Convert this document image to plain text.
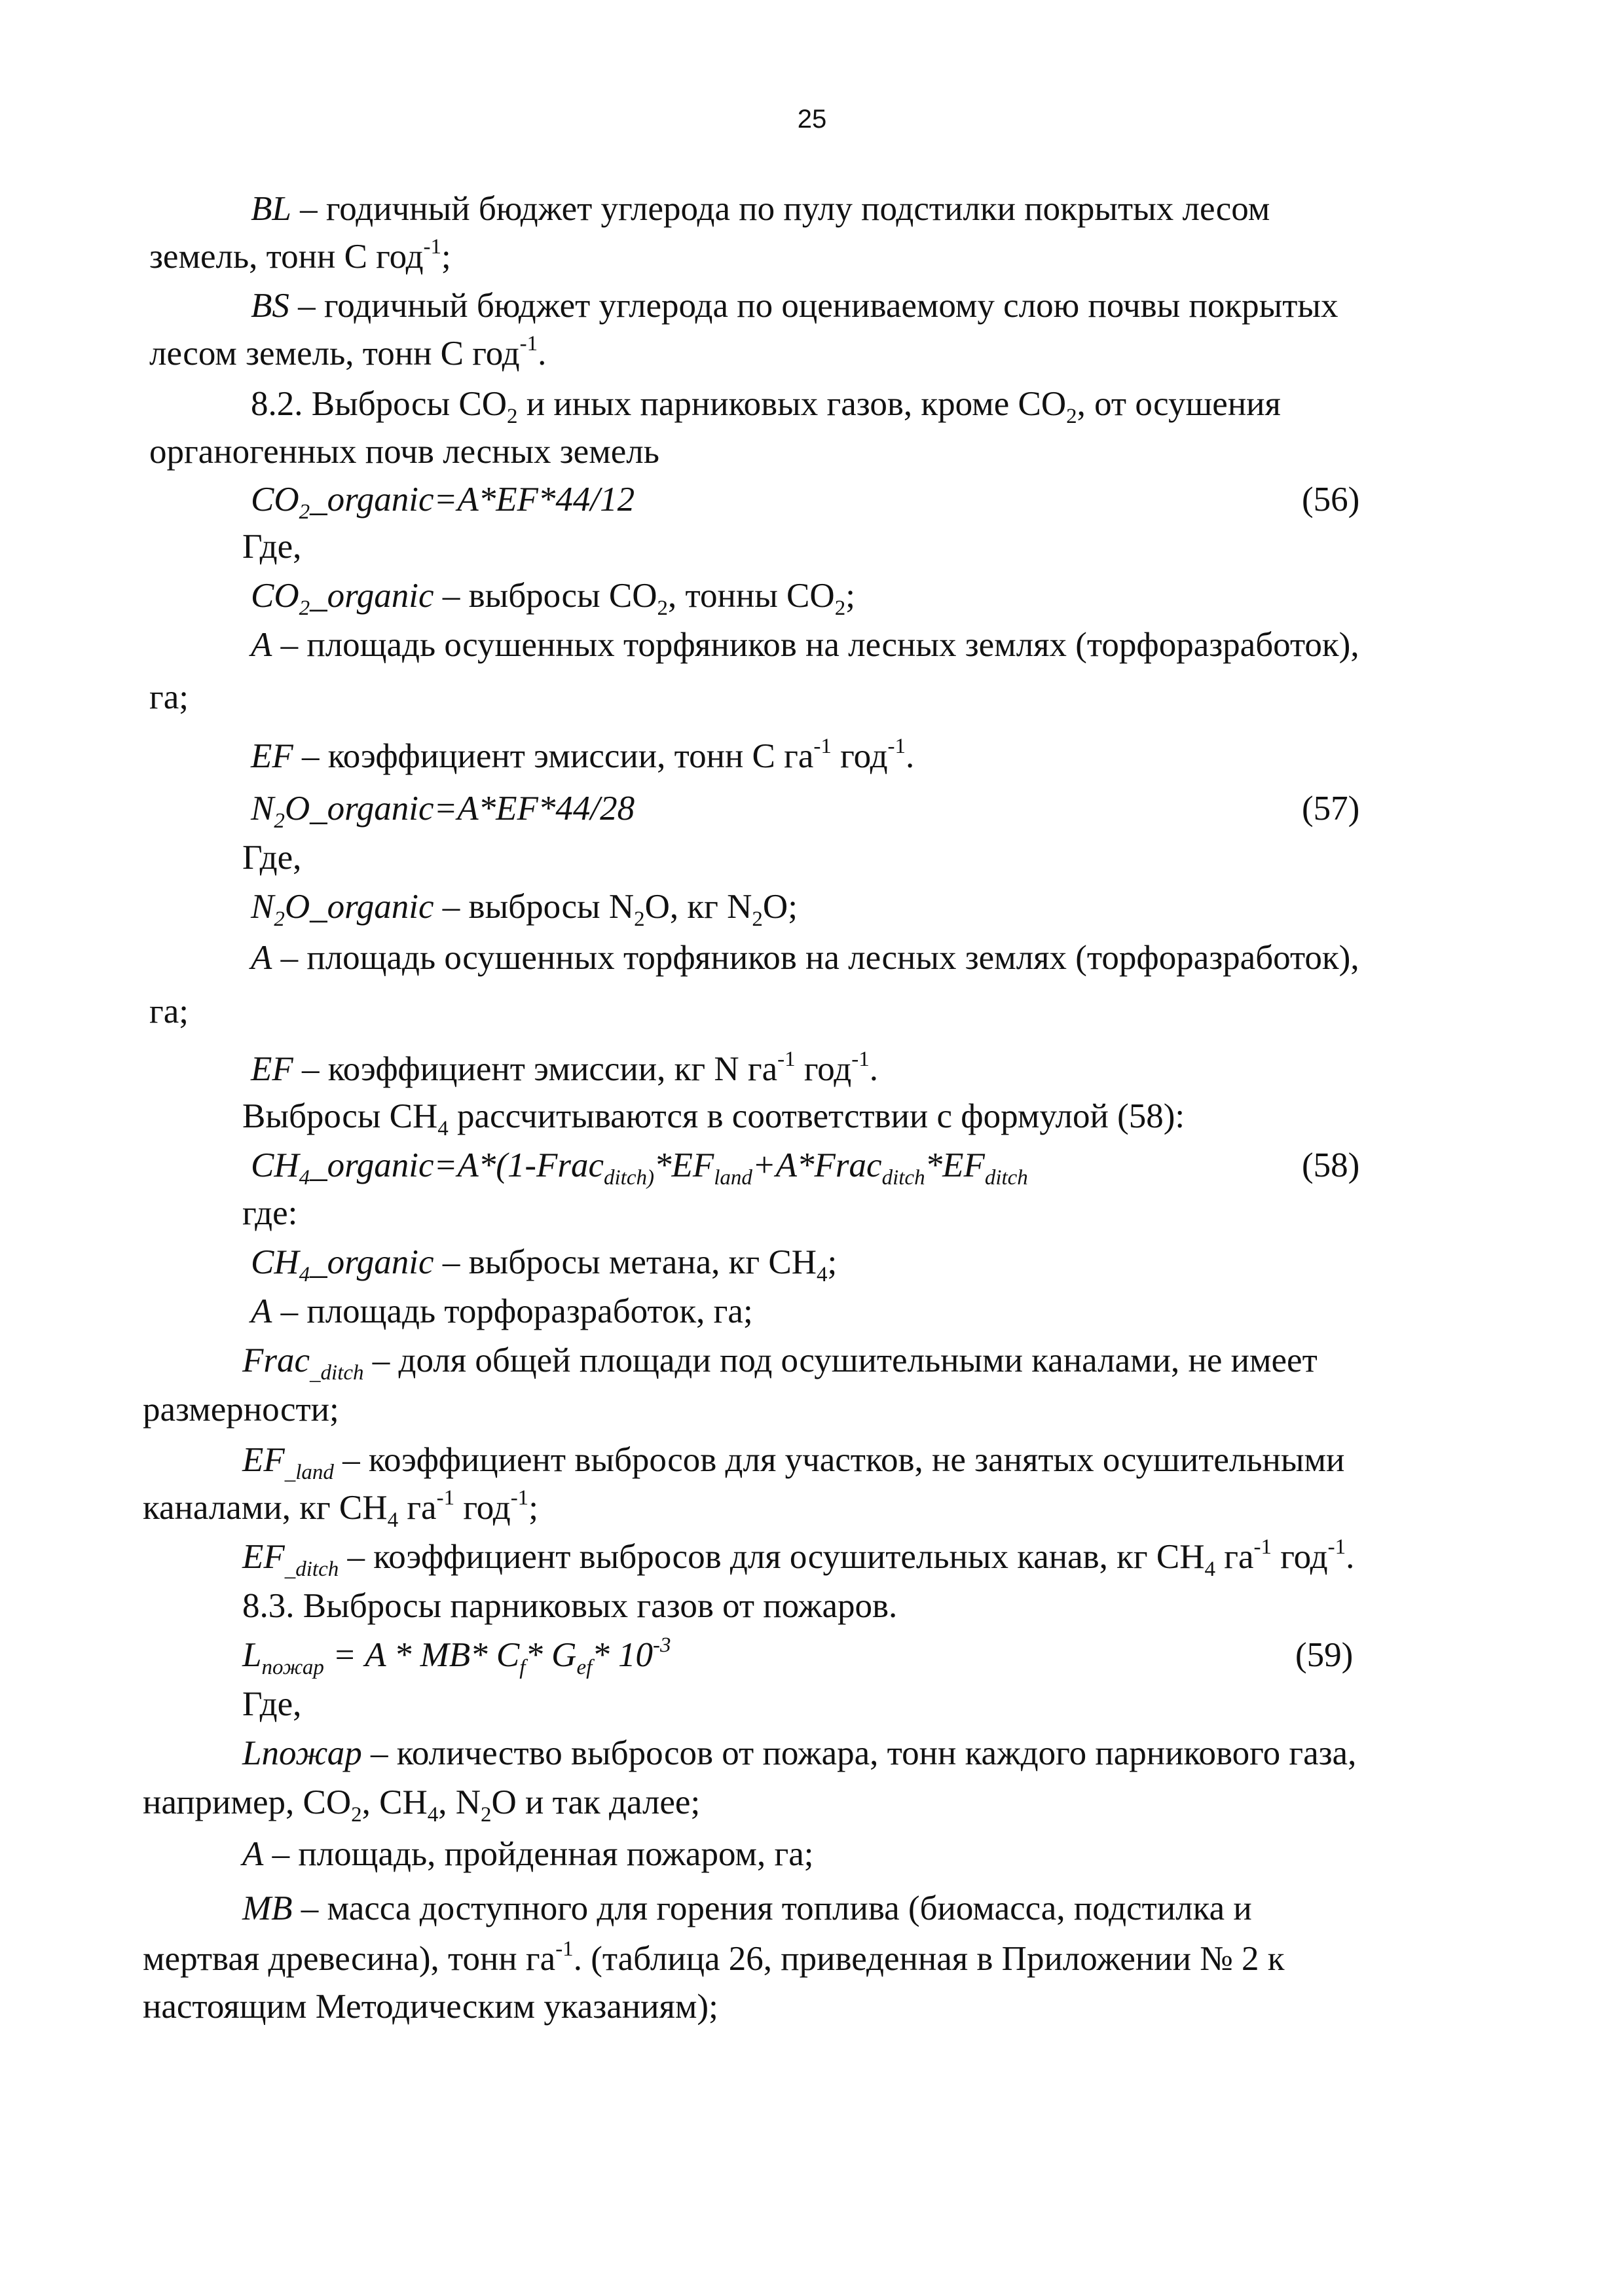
25
BL – годичный бюджет углерода по пулу подстилки покрытых лесом
земель, тонн С год$^{-1}$;
BS – годичный бюджет углерода по оцениваемому слою почвы покрытых
лесом земель, тонн С год$^{-1}$.
8.2. Выбросы $CO_2$ и иных парниковых газов, кроме $CO_2$, от осушения
органогенных почв лесных земель
$CO_2\_organic=A*EF*44/12$	(56)
Где,
$CO_2\_organic$ – выбросы $CO_2$, тонны $CO_2$;
A – площадь осушенных торфяников на лесных землях (торфоразработок),
га;
EF – коэффициент эмиссии, тонн С $га^{-1}$ год$^{-1}$.
$N_2O\_organic=A*EF*44/28$	(57)
Где,
$N_2O\_organic$ – выбросы $N_2O$, кг $N_2O$;
A – площадь осушенных торфяников на лесных землях (торфоразработок),
га;
EF – коэффициент эмиссии, кг N $га^{-1}$ год$^{-1}$.
Выбросы $CH_4$ рассчитываются в соответствии с формулой (58):
$CH_4\_organic=A*(1-Frac_{ditch)}*EF_{land}+A*Frac_{ditch}*EF_{ditch}$	(58)
где:
$CH_4\_organic$ – выбросы метана, кг $CH_4$;
A – площадь торфоразработок, га;
Frac$_{\_ditch}$ – доля общей площади под осушительными каналами, не имеет
размерности;
$EF_{\_land}$ – коэффициент выбросов для участков, не занятых осушительными
каналами, кг $CH_4$ $га^{-1}$ год$^{-1}$;
$EF_{\_ditch}$ – коэффициент выбросов для осушительных канав, кг $CH_4$ $га^{-1}$ год$^{-1}$.
8.3. Выбросы парниковых газов от пожаров.
$L_{пожар} = A * MB*$ $C_f*$ $G_{ef}*$ $10^{-3}$	(59)
Где,
Lпожар – количество выбросов от пожара, тонн каждого парникового газа,
например, $CO_2$, $CH_4$, $N_2O$ и так далее;
A – площадь, пройденная пожаром, га;
MB – масса доступного для горения топлива (биомасса, подстилка и
мертвая древесина), тонн $га^{-1}$. (таблица 26, приведенная в Приложении № 2 к
настоящим Методическим указаниям);
